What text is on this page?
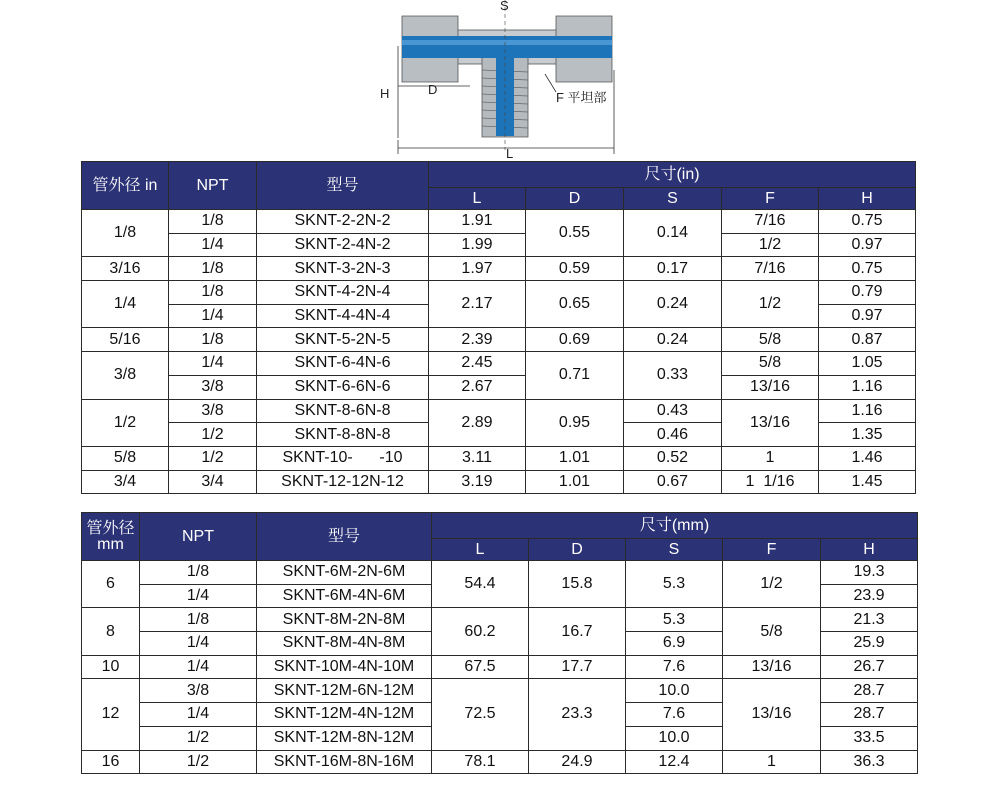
S
H	D
L
F 平坦部
管外径 in	NPT	型号	尺寸(in)				
			L	D	S	F	H
1/8	1/8	SKNT-2-2N-2	1.91	0.55	0.14	7/16	0.75
	1/4	SKNT-2-4N-2	1.99			1/2	0.97
3/16	1/8	SKNT-3-2N-3	1.97	0.59	0.17	7/16	0.75
1/4	1/8	SKNT-4-2N-4	2.17	0.65	0.24	1/2	0.79
	1/4	SKNT-4-4N-4					0.97
5/16	1/8	SKNT-5-2N-5	2.39	0.69	0.24	5/8	0.87
3/8	1/4	SKNT-6-4N-6	2.45	0.71	0.33	5/8	1.05
	3/8	SKNT-6-6N-6	2.67			13/16	1.16
1/2	3/8	SKNT-8-6N-8	2.89	0.95	0.43	13/16	1.16
	1/2	SKNT-8-8N-8			0.46		1.35
5/8	1/2	SKNT-10-      -10	3.11	1.01	0.52	1	1.46
3/4	3/4	SKNT-12-12N-12	3.19	1.01	0.67	1  1/16	1.45
管外径
mm	NPT	型号	尺寸(mm)				
			L	D	S	F	H
6	1/8	SKNT-6M-2N-6M	54.4	15.8	5.3	1/2	19.3
	1/4	SKNT-6M-4N-6M					23.9
8	1/8	SKNT-8M-2N-8M	60.2	16.7	5.3	5/8	21.3
	1/4	SKNT-8M-4N-8M			6.9		25.9
10	1/4	SKNT-10M-4N-10M	67.5	17.7	7.6	13/16	26.7
12	3/8	SKNT-12M-6N-12M	72.5	23.3	10.0	13/16	28.7
	1/4	SKNT-12M-4N-12M			7.6		28.7
	1/2	SKNT-12M-8N-12M			10.0		33.5
16	1/2	SKNT-16M-8N-16M	78.1	24.9	12.4	1	36.3
